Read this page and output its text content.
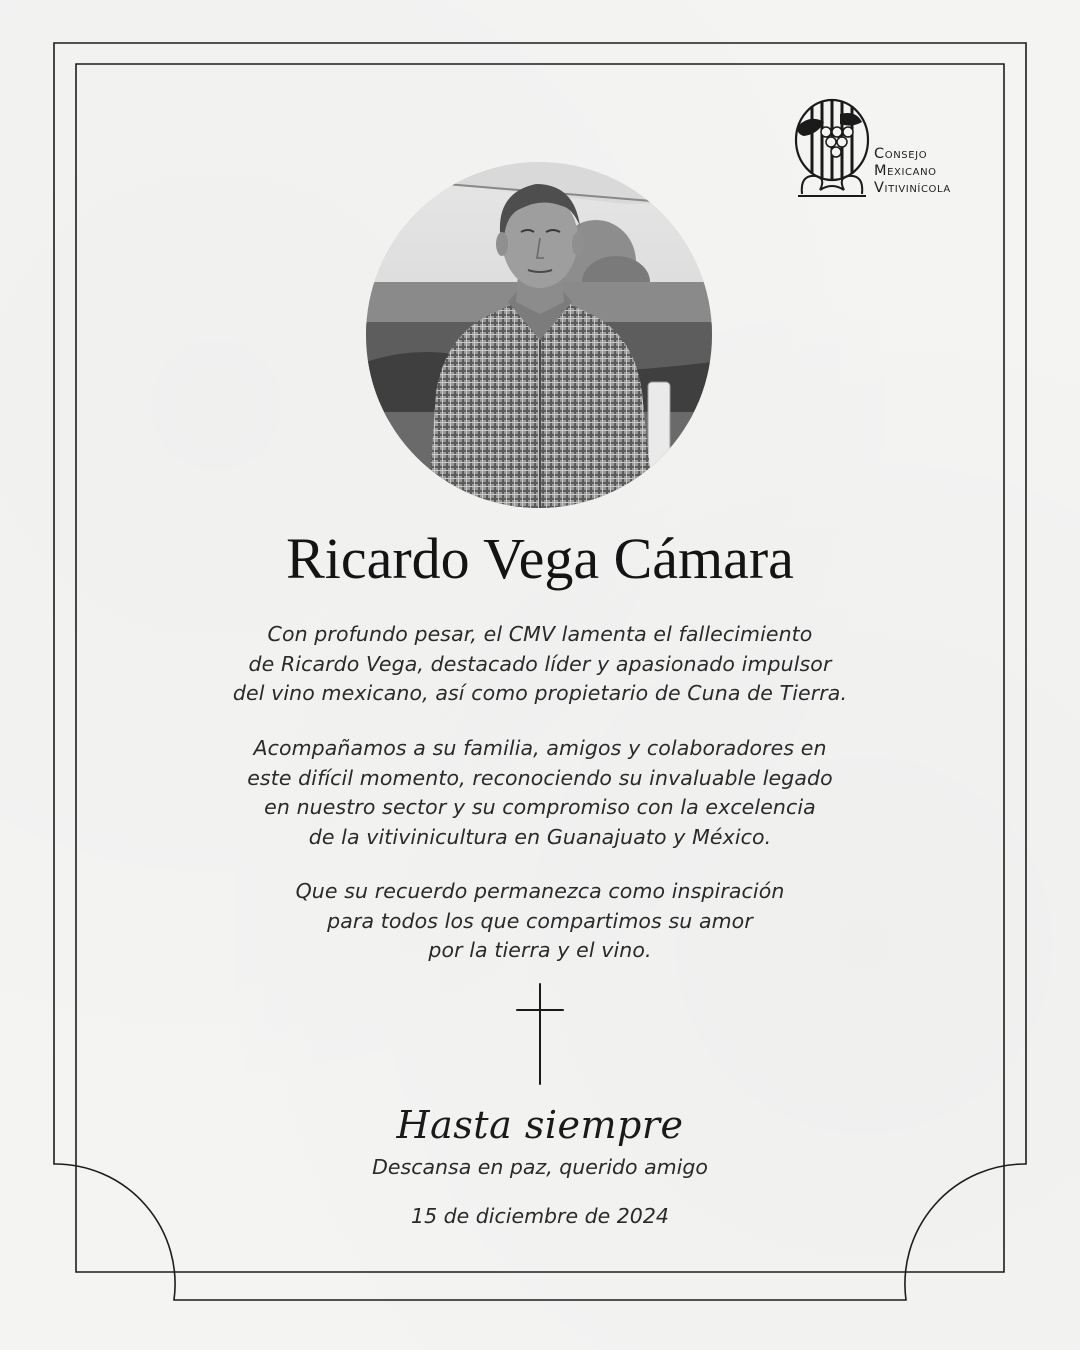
Consejo
Mexicano
Vitivinícola
Ricardo Vega Cámara
Con profundo pesar, el CMV lamenta el fallecimiento
de Ricardo Vega, destacado líder y apasionado impulsor
del vino mexicano, así como propietario de Cuna de Tierra.
Acompañamos a su familia, amigos y colaboradores en
este difícil momento, reconociendo su invaluable legado
en nuestro sector y su compromiso con la excelencia
de la vitivinicultura en Guanajuato y México.
Que su recuerdo permanezca como inspiración
para todos los que compartimos su amor
por la tierra y el vino.
Hasta siempre
Descansa en paz, querido amigo
15 de diciembre de 2024
